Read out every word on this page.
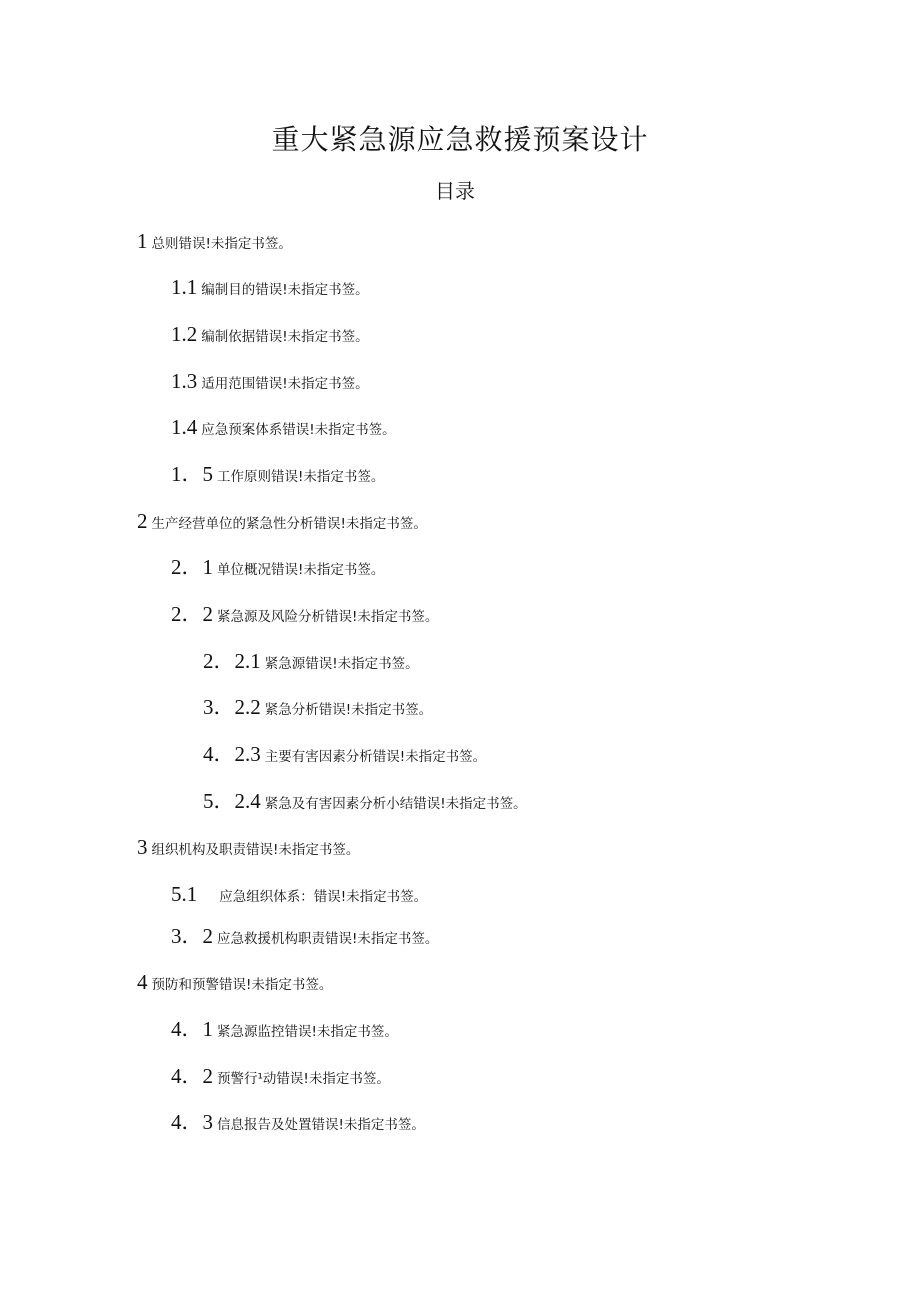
重大紧急源应急救援预案设计
目录
1 总则错误!未指定书签。
1.1 编制目的错误!未指定书签。
1.2 编制依据错误!未指定书签。
1.3 适用范围错误!未指定书签。
1.4 应急预案体系错误!未指定书签。
1．5 工作原则错误!未指定书签。
2 生产经营单位的紧急性分析错误!未指定书签。
2．1 单位概况错误!未指定书签。
2．2 紧急源及风险分析错误!未指定书签。
2．2.1 紧急源错误!未指定书签。
3．2.2 紧急分析错误!未指定书签。
4．2.3 主要有害因素分析错误!未指定书签。
5．2.4 紧急及有害因素分析小结错误!未指定书签。
3 组织机构及职责错误!未指定书签。
5.1 应急组织体系：错误!未指定书签。
3．2 应急救援机构职责错误!未指定书签。
4 预防和预警错误!未指定书签。
4．1 紧急源监控错误!未指定书签。
4．2 预警行¹动错误!未指定书签。
4．3 信息报告及处置错误!未指定书签。
